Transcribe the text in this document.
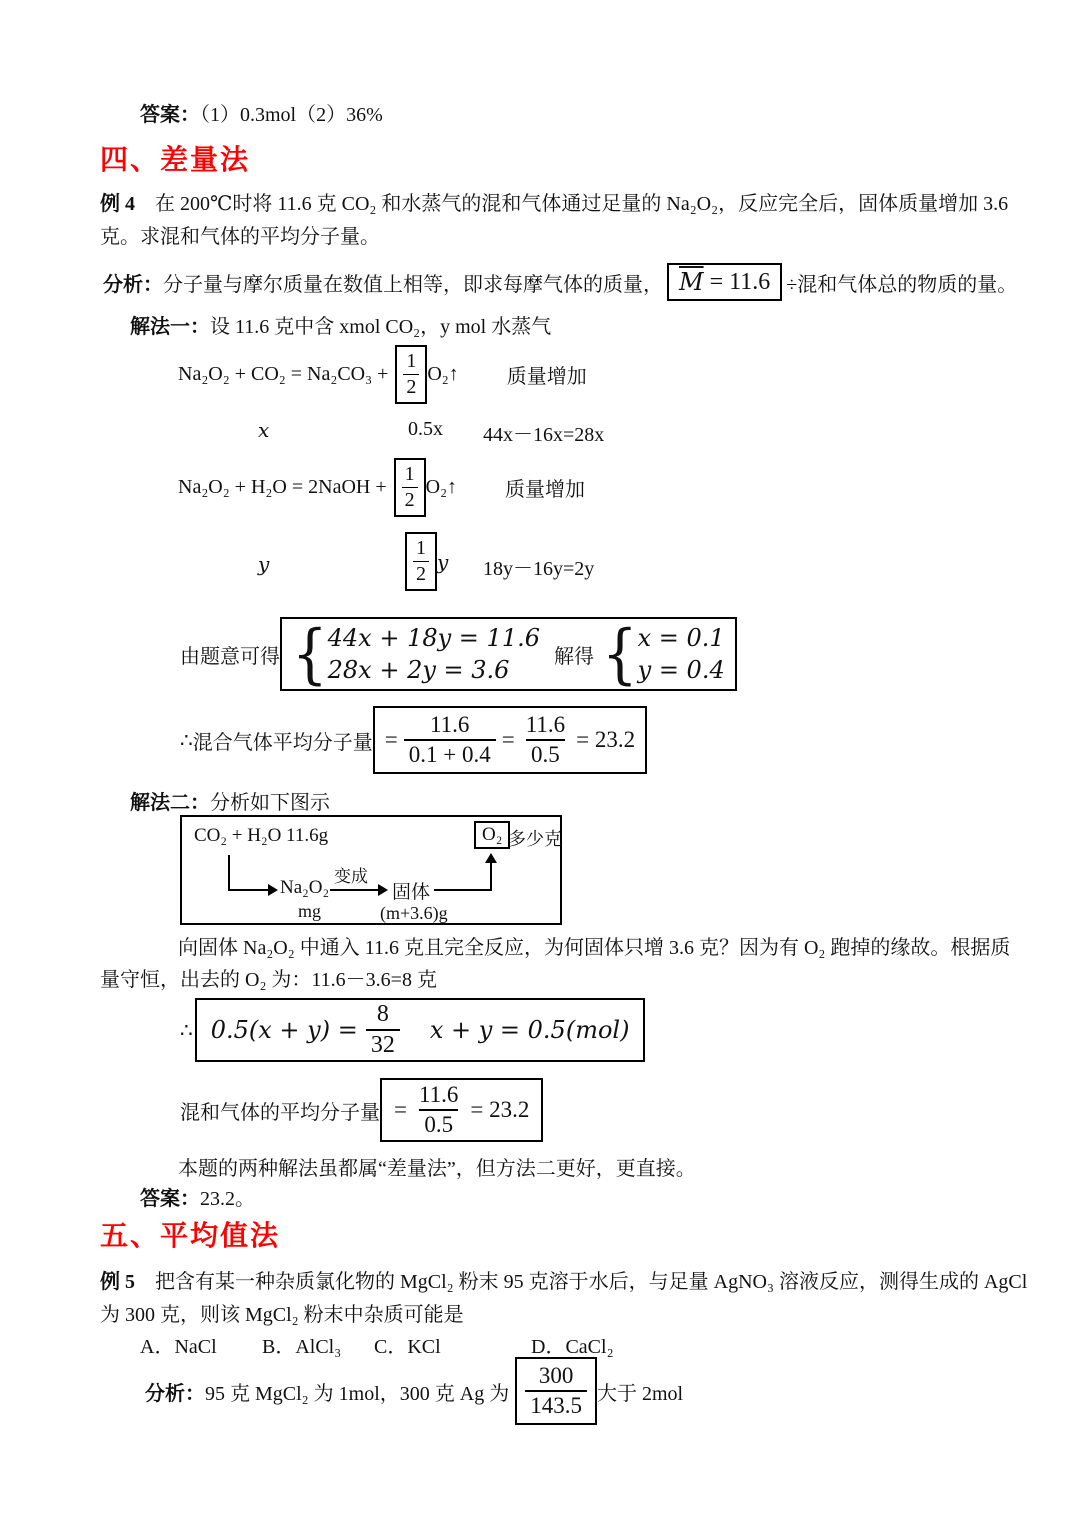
答案：（1）0.3mol（2）36%
四、差量法
例 4　 在 200℃时将 11.6 克 CO₂ 和水蒸气的混和气体通过足量的 Na₂O₂，反应完全后，固体质量增加 3.6
克。求混和气体的平均分子量。
分析： 分子量与摩尔质量在数值上相等，即求每摩气体的质量， $\overline{M}$
= 11.6 ÷混和气体总的物质的量。
解法一：设 11.6 克中含 xmol CO₂，y mol 水蒸气
$Na_2O_2 + CO_2 = Na_2CO_3 + \frac{1}{2}$ O₂↑ 质量增加
x	0.5x 44x－16x=28x
Na₂O₂ + H₂O = 2NaOH + $\frac{1}{2}$ O₂↑ 质量增加
y	$\frac{1}{2}$ y 18y－16y=2y
由题意可得 { 44x + 18y = 11.6
28x + 2y = 3.6	解得 { x = 0.1
y = 0.4
∴ 混合气体平均分子量 = $\frac{11.6}{0.1 + 0.4} = \frac{11.6}{0.5} = 23.2$
解法二：分析如下图示
CO₂ + H₂O 11.6g
Na₂O₂
mg
变成
固体
(m+3.6)g
O₂ 多少克
向固体 Na₂O₂ 中通入 11.6 克且完全反应，为何固体只增 3.6 克？因为有 O₂ 跑掉的缘故。根据质
量守恒，出去的 O₂ 为：11.6－3.6=8 克
∴ $0.5(x + y) = \frac{8}{32}$ x + y = 0.5(mol)
混和气体的平均分子量 = $\frac{11.6}{0.5} = 23.2$
本题的两种解法虽都属“差量法”，但方法二更好，更直接。
答案：23.2。
五、平均值法
例 5　 把含有某一种杂质氯化物的 MgCl₂ 粉末 95 克溶于水后，与足量 AgNO₃ 溶液反应，测得生成的 AgCl
为 300 克，则该 MgCl₂ 粉末中杂质可能是
A．NaCl B．AlCl₃ C．KCl	D．CaCl₂
分析： 95 克 MgCl₂ 为 1mol，300 克 Ag 为 $\frac{300}{143.5}$ 大于 2mol
